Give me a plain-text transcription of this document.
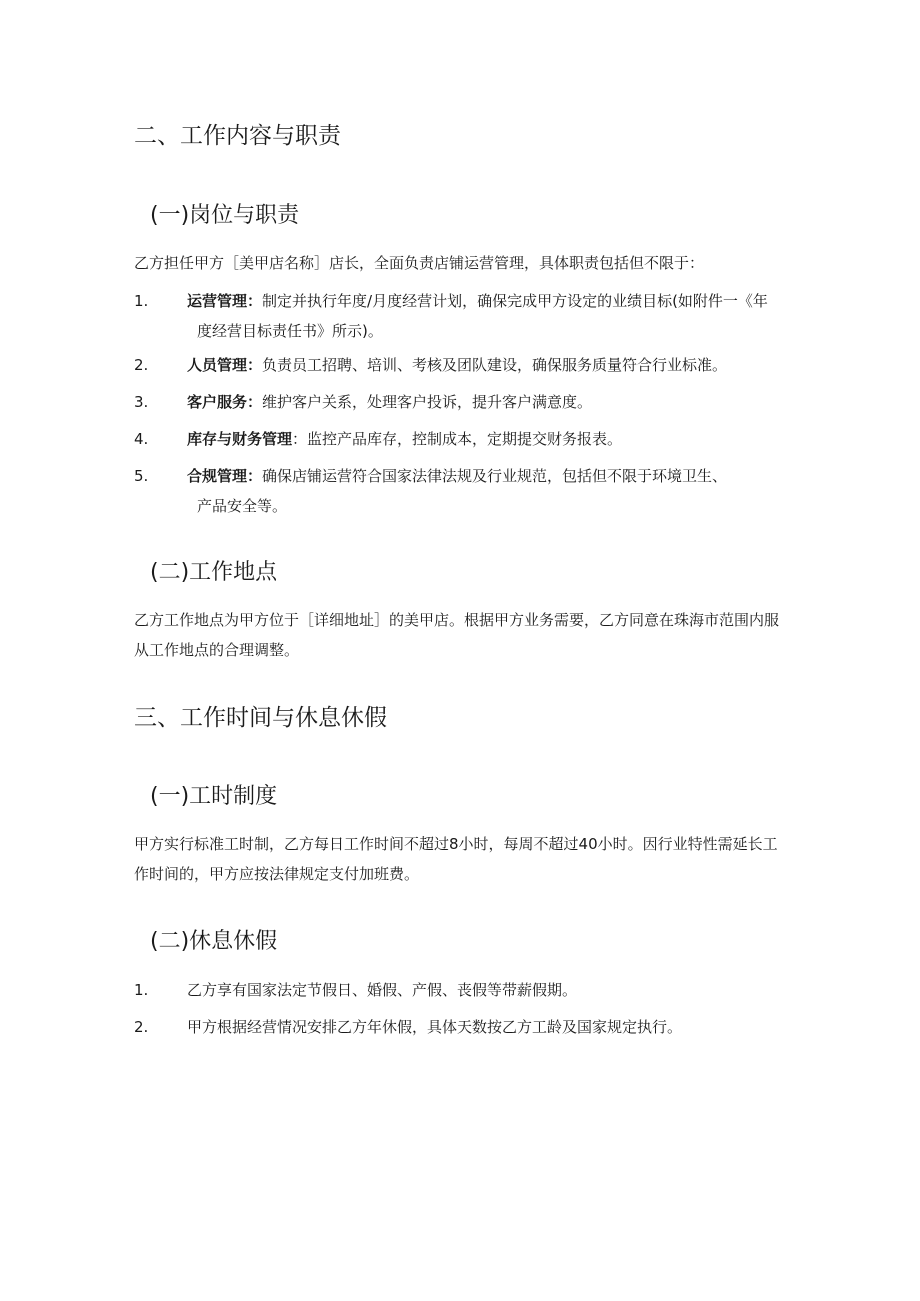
二、工作内容与职责
(一)岗位与职责

乙方担任甲方［美甲店名称］店长，全面负责店铺运营管理，具体职责包括但不限于：

1.	运营管理：制定并执行年度/月度经营计划，确保完成甲方设定的业绩目标(如附件一《年度经营目标责任书》所示)。
2.	人员管理：负责员工招聘、培训、考核及团队建设，确保服务质量符合行业标准。
3.	客户服务：维护客户关系，处理客户投诉，提升客户满意度。
4.	库存与财务管理：监控产品库存，控制成本，定期提交财务报表。
5.	合规管理：确保店铺运营符合国家法律法规及行业规范，包括但不限于环境卫生、产品安全等。
(二)工作地点

乙方工作地点为甲方位于［详细地址］的美甲店。根据甲方业务需要，乙方同意在珠海市范围内服从工作地点的合理调整。

三、工作时间与休息休假
(一)工时制度

甲方实行标准工时制，乙方每日工作时间不超过8小时，每周不超过40小时。因行业特性需延长工作时间的，甲方应按法律规定支付加班费。

(二)休息休假
1.	乙方享有国家法定节假日、婚假、产假、丧假等带薪假期。
2.	甲方根据经营情况安排乙方年休假，具体天数按乙方工龄及国家规定执行。
